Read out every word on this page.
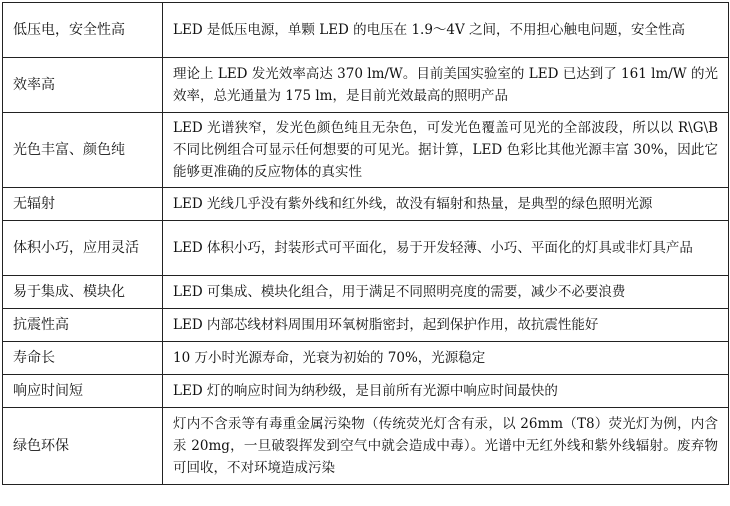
低压电，安全性高	LED 是低压电源，单颗 LED 的电压在 1.9～4V 之间，不用担心触电问题，安全性高
效率高	理论上 LED 发光效率高达 370 lm/W。目前美国实验室的 LED 已达到了 161 lm/W 的光效率，总光通量为 175 lm，是目前光效最高的照明产品
光色丰富、颜色纯	LED 光谱狭窄，发光色颜色纯且无杂色，可发光色覆盖可见光的全部波段，所以以 R\G\B 不同比例组合可显示任何想要的可见光。据计算，LED 色彩比其他光源丰富 30%，因此它能够更准确的反应物体的真实性
无辐射	LED 光线几乎没有紫外线和红外线，故没有辐射和热量，是典型的绿色照明光源
体积小巧，应用灵活	LED 体积小巧，封装形式可平面化，易于开发轻薄、小巧、平面化的灯具或非灯具产品
易于集成、模块化	LED 可集成、模块化组合，用于满足不同照明亮度的需要，减少不必要浪费
抗震性高	LED 内部芯线材料周围用环氧树脂密封，起到保护作用，故抗震性能好
寿命长	10 万小时光源寿命，光衰为初始的 70%，光源稳定
响应时间短	LED 灯的响应时间为纳秒级，是目前所有光源中响应时间最快的
绿色环保	灯内不含汞等有毒重金属污染物（传统荧光灯含有汞，以 26mm（T8）荧光灯为例，内含汞 20mg，一旦破裂挥发到空气中就会造成中毒）。光谱中无红外线和紫外线辐射。废弃物可回收，不对环境造成污染
